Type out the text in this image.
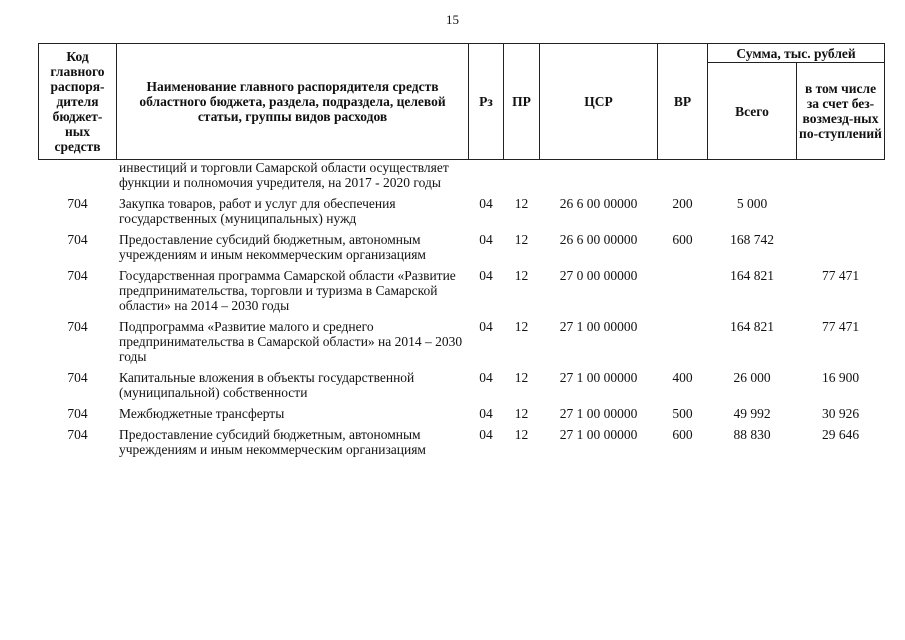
15
Код главного распоря-дителя бюджет-ных средств	Наименование главного распорядителя средств областного бюджета, раздела, подраздела, целевой статьи, группы видов расходов	Рз	ПР	ЦСР	ВР	Сумма, тыс. рублей	
						Всего	в том числе за счет без-возмезд-ных по-ступлений
	инвестиций и торговли Самарской области осуществляет функции и полномочия учредителя, на 2017 - 2020 годы						
704	Закупка товаров, работ и услуг для обеспечения государственных (муниципальных) нужд	04	12	26 6 00 00000	200	5 000	
704	Предоставление субсидий бюджетным, автономным учреждениям и иным некоммерческим организациям	04	12	26 6 00 00000	600	168 742	
704	Государственная программа Самарской области «Развитие предпринимательства, торговли и туризма в Самарской области» на 2014 – 2030 годы	04	12	27 0 00 00000		164 821	77 471
704	Подпрограмма «Развитие малого и среднего предпринимательства в Самарской области» на 2014 – 2030 годы	04	12	27 1 00 00000		164 821	77 471
704	Капитальные вложения в объекты государственной (муниципальной) собственности	04	12	27 1 00 00000	400	26 000	16 900
704	Межбюджетные трансферты	04	12	27 1 00 00000	500	49 992	30 926
704	Предоставление субсидий бюджетным, автономным учреждениям и иным некоммерческим организациям	04	12	27 1 00 00000	600	88 830	29 646
